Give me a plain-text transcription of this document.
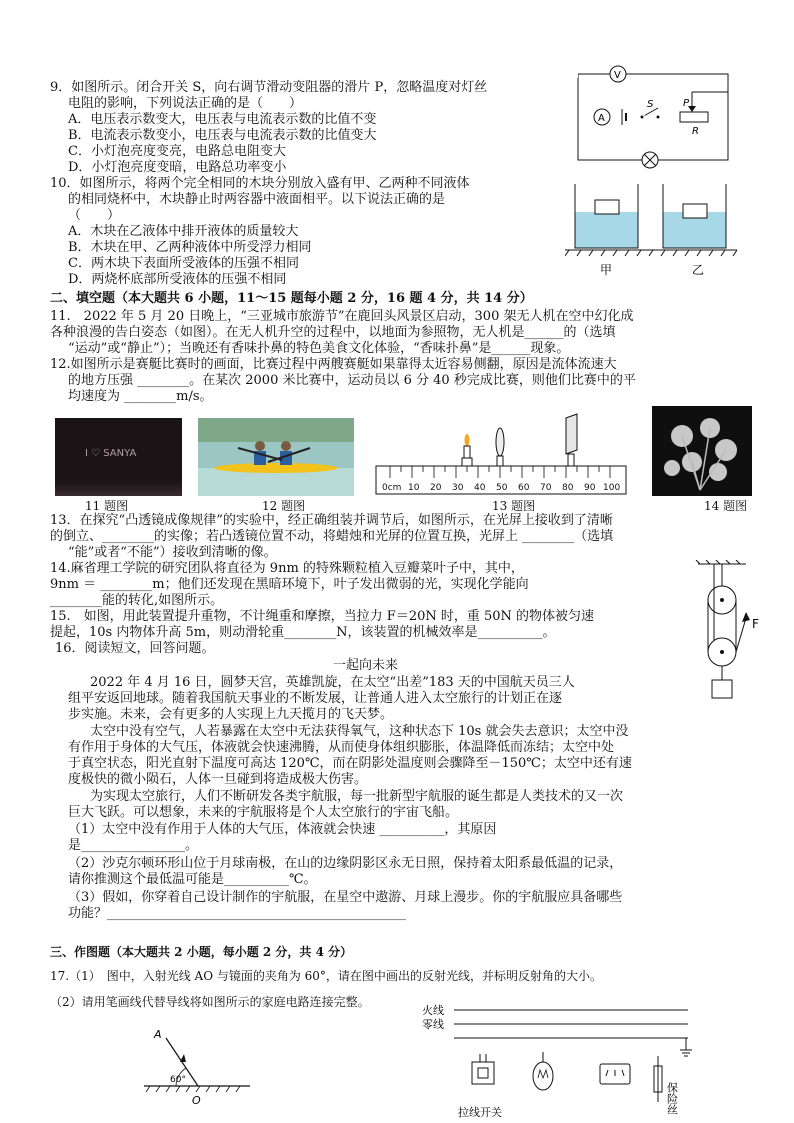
9．如图所示。闭合开关 S，向右调节滑动变阻器的滑片 P，忽略温度对灯丝
电阻的影响，下列说法正确的是（　　）
A．电压表示数变大，电压表与电流表示数的比值不变
B．电流表示数变小，电压表与电流表示数的比值变大
C．小灯泡亮度变亮，电路总电阻变大
D．小灯泡亮度变暗，电路总功率变小
V
A
S	P
R
10．如图所示，将两个完全相同的木块分别放入盛有甲、乙两种不同液体
的相同烧杯中，木块静止时两容器中液面相平。以下说法正确的是
（　　）
A．木块在乙液体中排开液体的质量较大
B．木块在甲、乙两种液体中所受浮力相同
C．两木块下表面所受液体的压强不相同
D．两烧杯底部所受液体的压强不相同
甲	乙
二、填空题（本大题共 6 小题，11～15 题每小题 2 分，16 题 4 分，共 14 分）
11.　2022 年 5 月 20 日晚上，“三亚城市旅游节”在鹿回头风景区启动，300 架无人机在空中幻化成
各种浪漫的告白姿态（如图）。在无人机升空的过程中，以地面为参照物，无人机是______的（选填
“运动”或“静止”）；当晚还有香味扑鼻的特色美食文化体验，“香味扑鼻”是______现象。
12.如图所示是赛艇比赛时的画面，比赛过程中两艘赛艇如果靠得太近容易侧翻，原因是流体流速大
的地方压强 ________。在某次 2000 米比赛中，运动员以 6 分 40 秒完成比赛，则他们比赛中的平
均速度为 ________m/s。
I ♡ SANYA
11 题图	12 题图
0cm 10 20 30 40 50 60 70 80 90 100
13 题图	14 题图
13．在探究“凸透镜成像规律”的实验中，经正确组装并调节后，如图所示，在光屏上接收到了清晰
的倒立、________的实像；若凸透镜位置不动，将蜡烛和光屏的位置互换，光屏上 ________（选填
“能”或者“不能”）接收到清晰的像。
14.麻省理工学院的研究团队将直径为 9nm 的特殊颗粒植入豆瓣菜叶子中，其中，
9nm ＝ ________m；他们还发现在黑暗环境下，叶子发出微弱的光，实现化学能向
________能的转化,如图所示。
15.　如图，用此装置提升重物，不计绳重和摩擦，当拉力 F＝20N 时，重 50N 的物体被匀速
提起，10s 内物体升高 5m，则动滑轮重________N，该装置的机械效率是__________。
F
16．阅读短文，回答问题。
一起向未来
2022 年 4 月 16 日，圆梦天宫，英雄凯旋，在太空“出差”183 天的中国航天员三人
组平安返回地球。随着我国航天事业的不断发展，让普通人进入太空旅行的计划正在逐
步实施。未来，会有更多的人实现上九天揽月的飞天梦。
太空中没有空气，人若暴露在太空中无法获得氧气，这种状态下 10s 就会失去意识；太空中没
有作用于身体的大气压，体液就会快速沸腾，从而使身体组织膨胀，体温降低而冻结；太空中处
于真空状态，阳光直射下温度可高达 120℃，而在阴影处温度则会骤降至－150℃；太空中还有速
度极快的微小陨石，人体一旦碰到将造成极大伤害。
为实现太空旅行，人们不断研发各类宇航服，每一批新型宇航服的诞生都是人类技术的又一次
巨大飞跃。可以想象，未来的宇航服将是个人太空旅行的宇宙飞船。
（1）太空中没有作用于人体的大气压，体液就会快速 __________，其原因
是________________。
（2）沙克尔顿环形山位于月球南极，在山的边缘阴影区永无日照，保持着太阳系最低温的记录，
请你推测这个最低温可能是__________℃。
（3）假如，你穿着自己设计制作的宇航服，在星空中遨游、月球上漫步。你的宇航服应具备哪些
功能？______________________________________________
三、作图题（本大题共 2 小题，每小题 2 分，共 4 分）
17.（1）　图中，入射光线 AO 与镜面的夹角为 60°，请在图中画出的反射光线，并标明反射角的大小。
（2）请用笔画线代替导线将如图所示的家庭电路连接完整。
A
60°
O
火线
零线
拉线开关	保险丝
